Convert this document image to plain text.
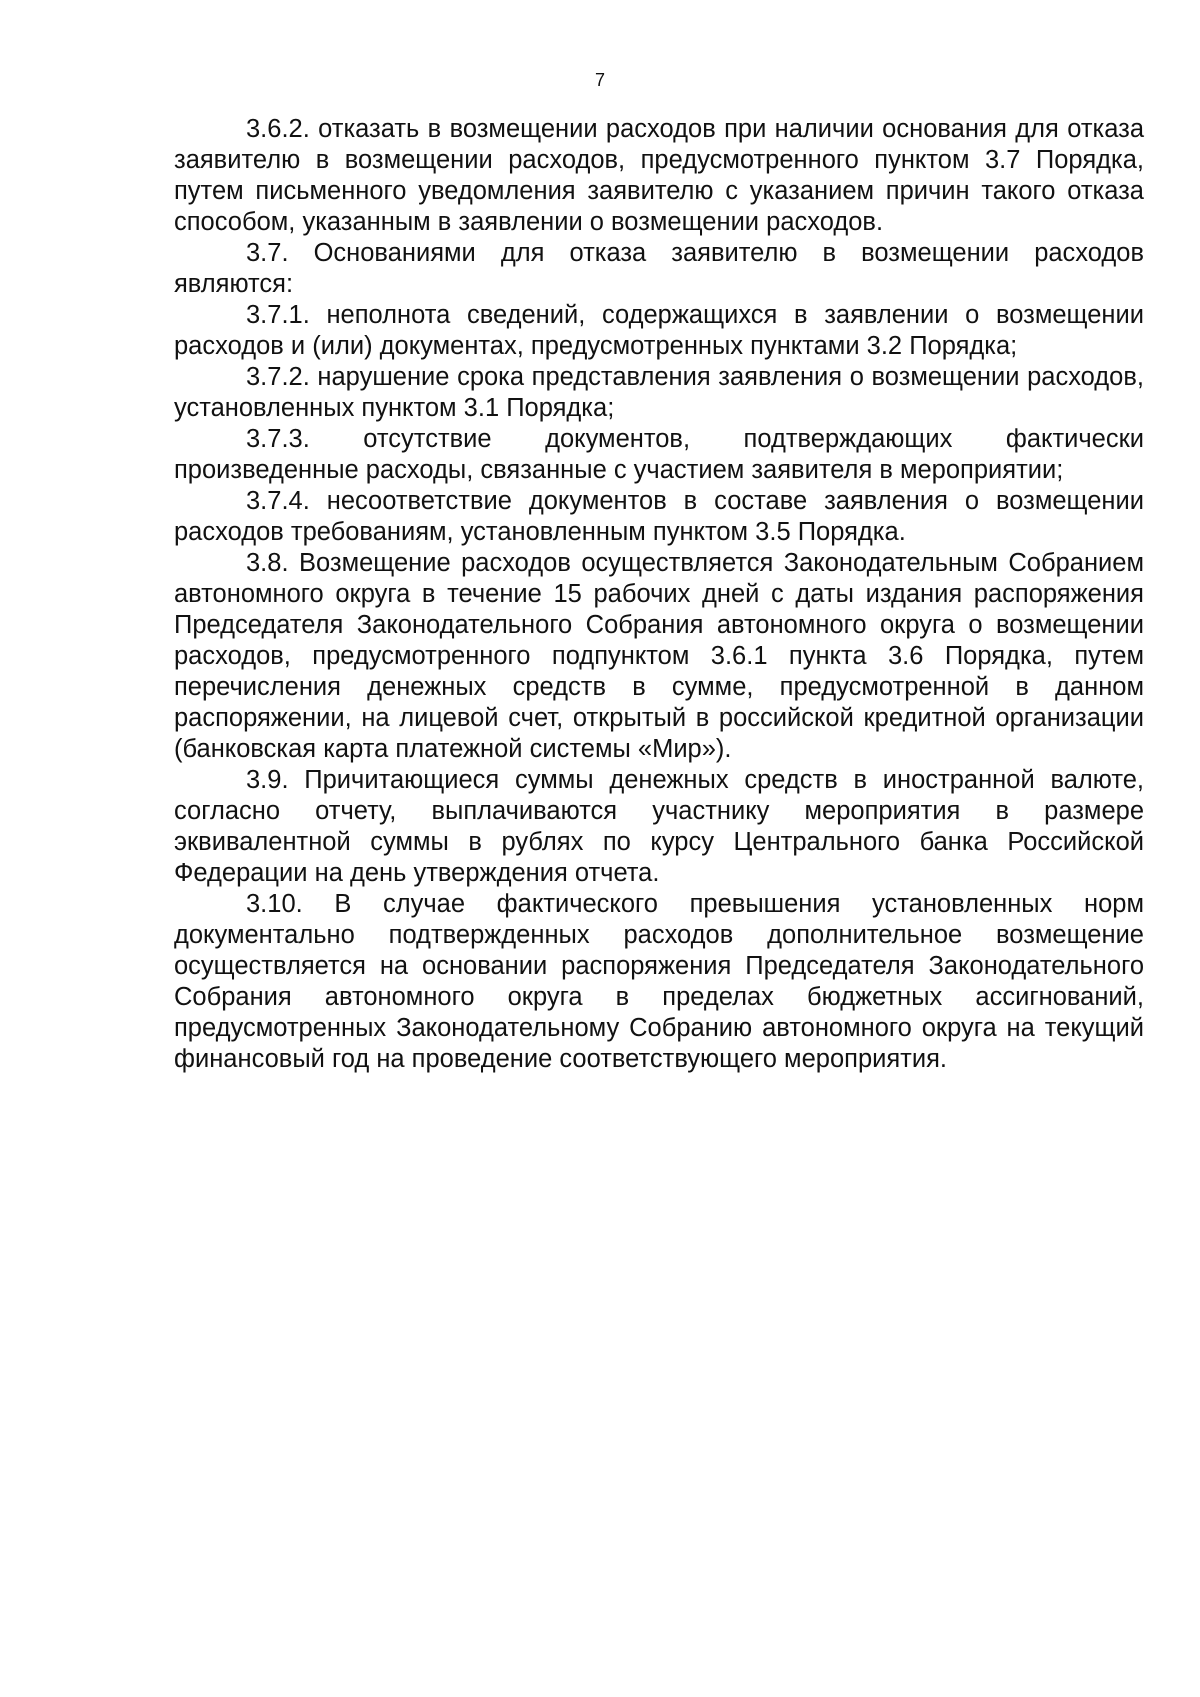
7

3.6.2. отказать в возмещении расходов при наличии основания для отказа заявителю в возмещении расходов, предусмотренного пунктом 3.7 Порядка, путем письменного уведомления заявителю с указанием причин такого отказа способом, указанным в заявлении о возмещении расходов.

3.7. Основаниями для отказа заявителю в возмещении расходов являются:

3.7.1. неполнота сведений, содержащихся в заявлении о возмещении расходов и (или) документах, предусмотренных пунктами 3.2 Порядка;

3.7.2. нарушение срока представления заявления о возмещении расходов, установленных пунктом 3.1 Порядка;

3.7.3. отсутствие документов, подтверждающих фактически произведенные расходы, связанные с участием заявителя в мероприятии;

3.7.4. несоответствие документов в составе заявления о возмещении расходов требованиям, установленным пунктом 3.5 Порядка.

3.8. Возмещение расходов осуществляется Законодательным Собранием автономного округа в течение 15 рабочих дней с даты издания распоряжения Председателя Законодательного Собрания автономного округа о возмещении расходов, предусмотренного подпунктом 3.6.1 пункта 3.6 Порядка, путем перечисления денежных средств в сумме, предусмотренной в данном распоряжении, на лицевой счет, открытый в российской кредитной организации (банковская карта платежной системы «Мир»).

3.9. Причитающиеся суммы денежных средств в иностранной валюте, согласно отчету, выплачиваются участнику мероприятия в размере эквивалентной суммы в рублях по курсу Центрального банка Российской Федерации на день утверждения отчета.

3.10. В случае фактического превышения установленных норм документально подтвержденных расходов дополнительное возмещение осуществляется на основании распоряжения Председателя Законодательного Собрания автономного округа в пределах бюджетных ассигнований, предусмотренных Законодательному Собранию автономного округа на текущий финансовый год на проведение соответствующего мероприятия.
